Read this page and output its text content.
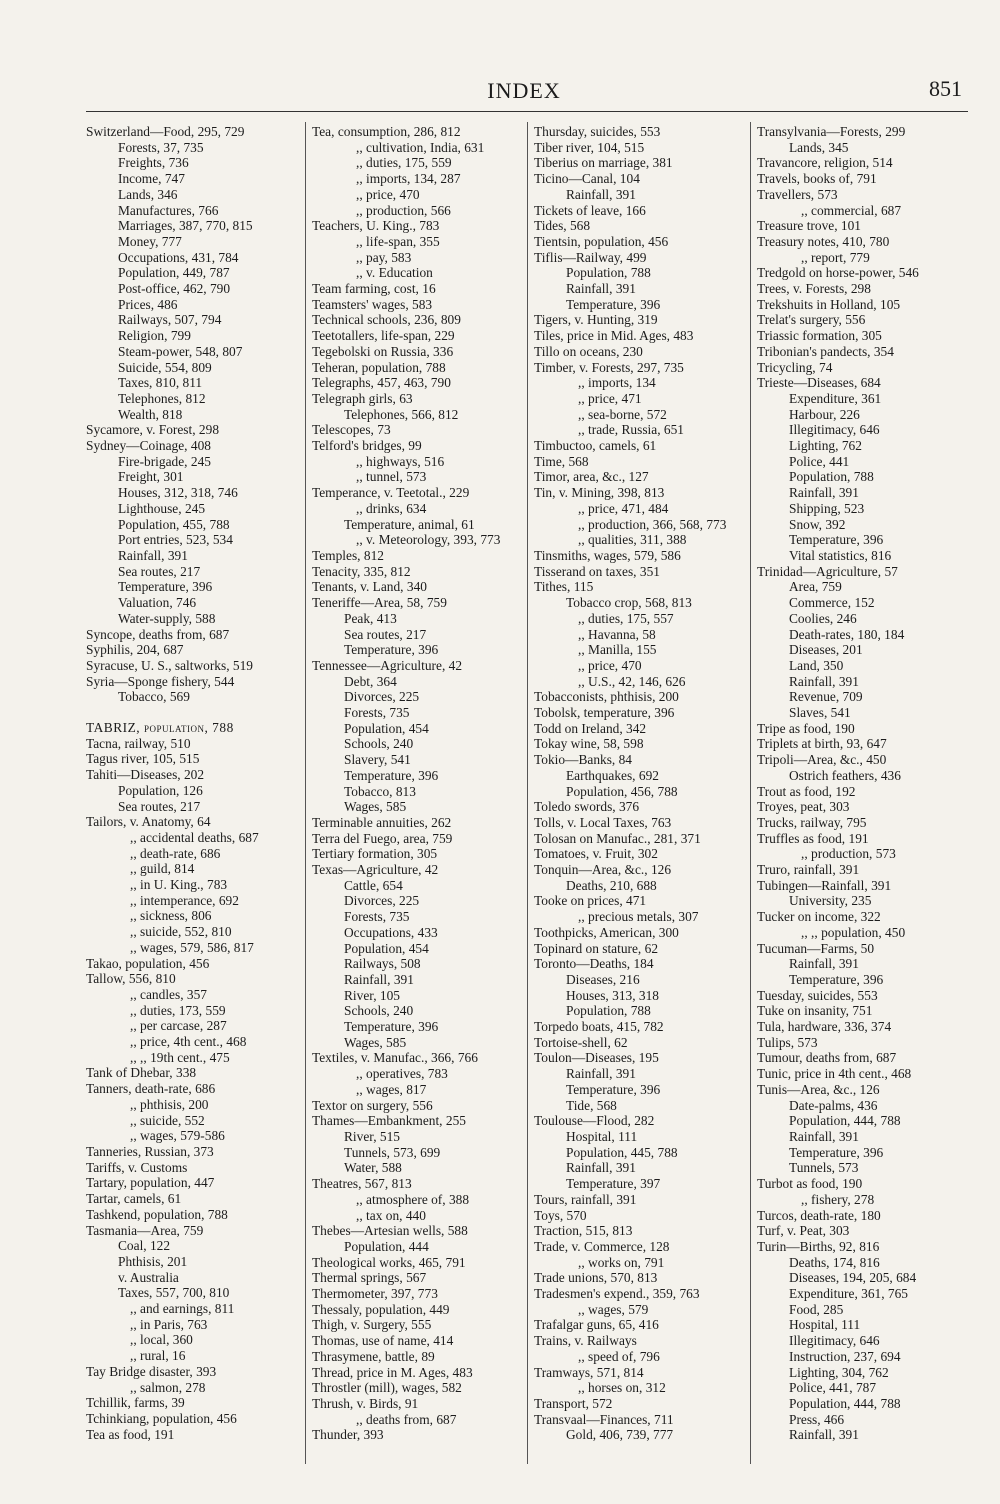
INDEX	851
Switzerland—Food, 295, 729
Forests, 37, 735
Freights, 736
Income, 747
Lands, 346
Manufactures, 766
Marriages, 387, 770, 815
Money, 777
Occupations, 431, 784
Population, 449, 787
Post-office, 462, 790
Prices, 486
Railways, 507, 794
Religion, 799
Steam-power, 548, 807
Suicide, 554, 809
Taxes, 810, 811
Telephones, 812
Wealth, 818
Sycamore, v. Forest, 298
Sydney—Coinage, 408
Fire-brigade, 245
Freight, 301
Houses, 312, 318, 746
Lighthouse, 245
Population, 455, 788
Port entries, 523, 534
Rainfall, 391
Sea routes, 217
Temperature, 396
Valuation, 746
Water-supply, 588
Syncope, deaths from, 687
Syphilis, 204, 687
Syracuse, U. S., saltworks, 519
Syria—Sponge fishery, 544
Tobacco, 569
TABRIZ, population, 788
Tacna, railway, 510
Tagus river, 105, 515
Tahiti—Diseases, 202
Population, 126
Sea routes, 217
Tailors, v. Anatomy, 64
,, accidental deaths, 687
,, death-rate, 686
,, guild, 814
,, in U. King., 783
,, intemperance, 692
,, sickness, 806
,, suicide, 552, 810
,, wages, 579, 586, 817
Takao, population, 456
Tallow, 556, 810
,, candles, 357
,, duties, 173, 559
,, per carcase, 287
,, price, 4th cent., 468
,, ,, 19th cent., 475
Tank of Dhebar, 338
Tanners, death-rate, 686
,, phthisis, 200
,, suicide, 552
,, wages, 579-586
Tanneries, Russian, 373
Tariffs, v. Customs
Tartary, population, 447
Tartar, camels, 61
Tashkend, population, 788
Tasmania—Area, 759
Coal, 122
Phthisis, 201
v. Australia
Taxes, 557, 700, 810
,, and earnings, 811
,, in Paris, 763
,, local, 360
,, rural, 16
Tay Bridge disaster, 393
,, salmon, 278
Tchillik, farms, 39
Tchinkiang, population, 456
Tea as food, 191
Tea, consumption, 286, 812
,, cultivation, India, 631
,, duties, 175, 559
,, imports, 134, 287
,, price, 470
,, production, 566
Teachers, U. King., 783
,, life-span, 355
,, pay, 583
,, v. Education
Team farming, cost, 16
Teamsters' wages, 583
Technical schools, 236, 809
Teetotallers, life-span, 229
Tegebolski on Russia, 336
Teheran, population, 788
Telegraphs, 457, 463, 790
Telegraph girls, 63
Telephones, 566, 812
Telescopes, 73
Telford's bridges, 99
,, highways, 516
,, tunnel, 573
Temperance, v. Teetotal., 229
,, drinks, 634
Temperature, animal, 61
,, v. Meteorology, 393, 773
Temples, 812
Tenacity, 335, 812
Tenants, v. Land, 340
Teneriffe—Area, 58, 759
Peak, 413
Sea routes, 217
Temperature, 396
Tennessee—Agriculture, 42
Debt, 364
Divorces, 225
Forests, 735
Population, 454
Schools, 240
Slavery, 541
Temperature, 396
Tobacco, 813
Wages, 585
Terminable annuities, 262
Terra del Fuego, area, 759
Tertiary formation, 305
Texas—Agriculture, 42
Cattle, 654
Divorces, 225
Forests, 735
Occupations, 433
Population, 454
Railways, 508
Rainfall, 391
River, 105
Schools, 240
Temperature, 396
Wages, 585
Textiles, v. Manufac., 366, 766
,, operatives, 783
,, wages, 817
Textor on surgery, 556
Thames—Embankment, 255
River, 515
Tunnels, 573, 699
Water, 588
Theatres, 567, 813
,, atmosphere of, 388
,, tax on, 440
Thebes—Artesian wells, 588
Population, 444
Theological works, 465, 791
Thermal springs, 567
Thermometer, 397, 773
Thessaly, population, 449
Thigh, v. Surgery, 555
Thomas, use of name, 414
Thrasymene, battle, 89
Thread, price in M. Ages, 483
Throstler (mill), wages, 582
Thrush, v. Birds, 91
,, deaths from, 687
Thunder, 393
Thursday, suicides, 553
Tiber river, 104, 515
Tiberius on marriage, 381
Ticino—Canal, 104
Rainfall, 391
Tickets of leave, 166
Tides, 568
Tientsin, population, 456
Tiflis—Railway, 499
Population, 788
Rainfall, 391
Temperature, 396
Tigers, v. Hunting, 319
Tiles, price in Mid. Ages, 483
Tillo on oceans, 230
Timber, v. Forests, 297, 735
,, imports, 134
,, price, 471
,, sea-borne, 572
,, trade, Russia, 651
Timbuctoo, camels, 61
Time, 568
Timor, area, &c., 127
Tin, v. Mining, 398, 813
,, price, 471, 484
,, production, 366, 568, 773
,, qualities, 311, 388
Tinsmiths, wages, 579, 586
Tisserand on taxes, 351
Tithes, 115
Tobacco crop, 568, 813
,, duties, 175, 557
,, Havanna, 58
,, Manilla, 155
,, price, 470
,, U.S., 42, 146, 626
Tobacconists, phthisis, 200
Tobolsk, temperature, 396
Todd on Ireland, 342
Tokay wine, 58, 598
Tokio—Banks, 84
Earthquakes, 692
Population, 456, 788
Toledo swords, 376
Tolls, v. Local Taxes, 763
Tolosan on Manufac., 281, 371
Tomatoes, v. Fruit, 302
Tonquin—Area, &c., 126
Deaths, 210, 688
Tooke on prices, 471
,, precious metals, 307
Toothpicks, American, 300
Topinard on stature, 62
Toronto—Deaths, 184
Diseases, 216
Houses, 313, 318
Population, 788
Torpedo boats, 415, 782
Tortoise-shell, 62
Toulon—Diseases, 195
Rainfall, 391
Temperature, 396
Tide, 568
Toulouse—Flood, 282
Hospital, 111
Population, 445, 788
Rainfall, 391
Temperature, 397
Tours, rainfall, 391
Toys, 570
Traction, 515, 813
Trade, v. Commerce, 128
,, works on, 791
Trade unions, 570, 813
Tradesmen's expend., 359, 763
,, wages, 579
Trafalgar guns, 65, 416
Trains, v. Railways
,, speed of, 796
Tramways, 571, 814
,, horses on, 312
Transport, 572
Transvaal—Finances, 711
Gold, 406, 739, 777
Transylvania—Forests, 299
Lands, 345
Travancore, religion, 514
Travels, books of, 791
Travellers, 573
,, commercial, 687
Treasure trove, 101
Treasury notes, 410, 780
,, report, 779
Tredgold on horse-power, 546
Trees, v. Forests, 298
Trekshuits in Holland, 105
Trelat's surgery, 556
Triassic formation, 305
Tribonian's pandects, 354
Tricycling, 74
Trieste—Diseases, 684
Expenditure, 361
Harbour, 226
Illegitimacy, 646
Lighting, 762
Police, 441
Population, 788
Rainfall, 391
Shipping, 523
Snow, 392
Temperature, 396
Vital statistics, 816
Trinidad—Agriculture, 57
Area, 759
Commerce, 152
Coolies, 246
Death-rates, 180, 184
Diseases, 201
Land, 350
Rainfall, 391
Revenue, 709
Slaves, 541
Tripe as food, 190
Triplets at birth, 93, 647
Tripoli—Area, &c., 450
Ostrich feathers, 436
Trout as food, 192
Troyes, peat, 303
Trucks, railway, 795
Truffles as food, 191
,, production, 573
Truro, rainfall, 391
Tubingen—Rainfall, 391
University, 235
Tucker on income, 322
,, ,, population, 450
Tucuman—Farms, 50
Rainfall, 391
Temperature, 396
Tuesday, suicides, 553
Tuke on insanity, 751
Tula, hardware, 336, 374
Tulips, 573
Tumour, deaths from, 687
Tunic, price in 4th cent., 468
Tunis—Area, &c., 126
Date-palms, 436
Population, 444, 788
Rainfall, 391
Temperature, 396
Tunnels, 573
Turbot as food, 190
,, fishery, 278
Turcos, death-rate, 180
Turf, v. Peat, 303
Turin—Births, 92, 816
Deaths, 174, 816
Diseases, 194, 205, 684
Expenditure, 361, 765
Food, 285
Hospital, 111
Illegitimacy, 646
Instruction, 237, 694
Lighting, 304, 762
Police, 441, 787
Population, 444, 788
Press, 466
Rainfall, 391
